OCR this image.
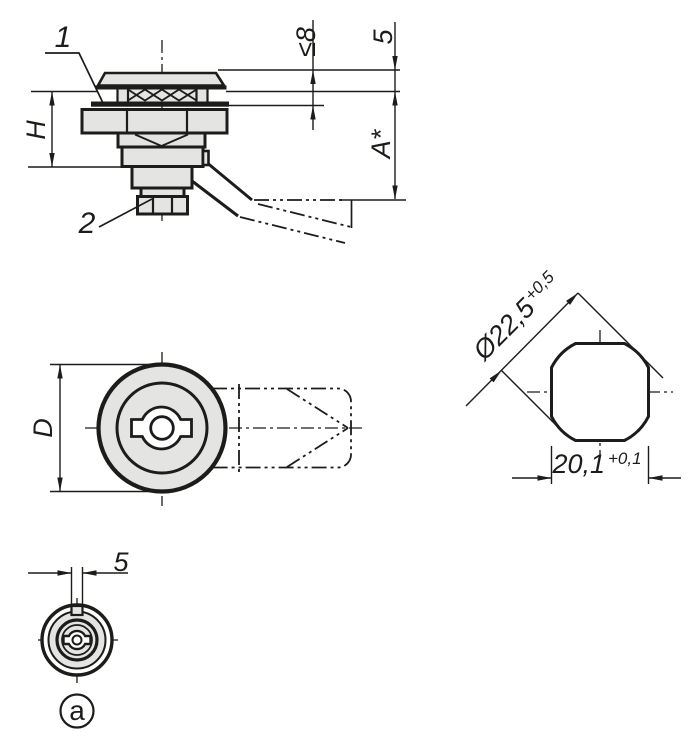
1
2
≤8 5
A*
H
D
Ø22,5+0,5
20,1 +0,1
5
a
